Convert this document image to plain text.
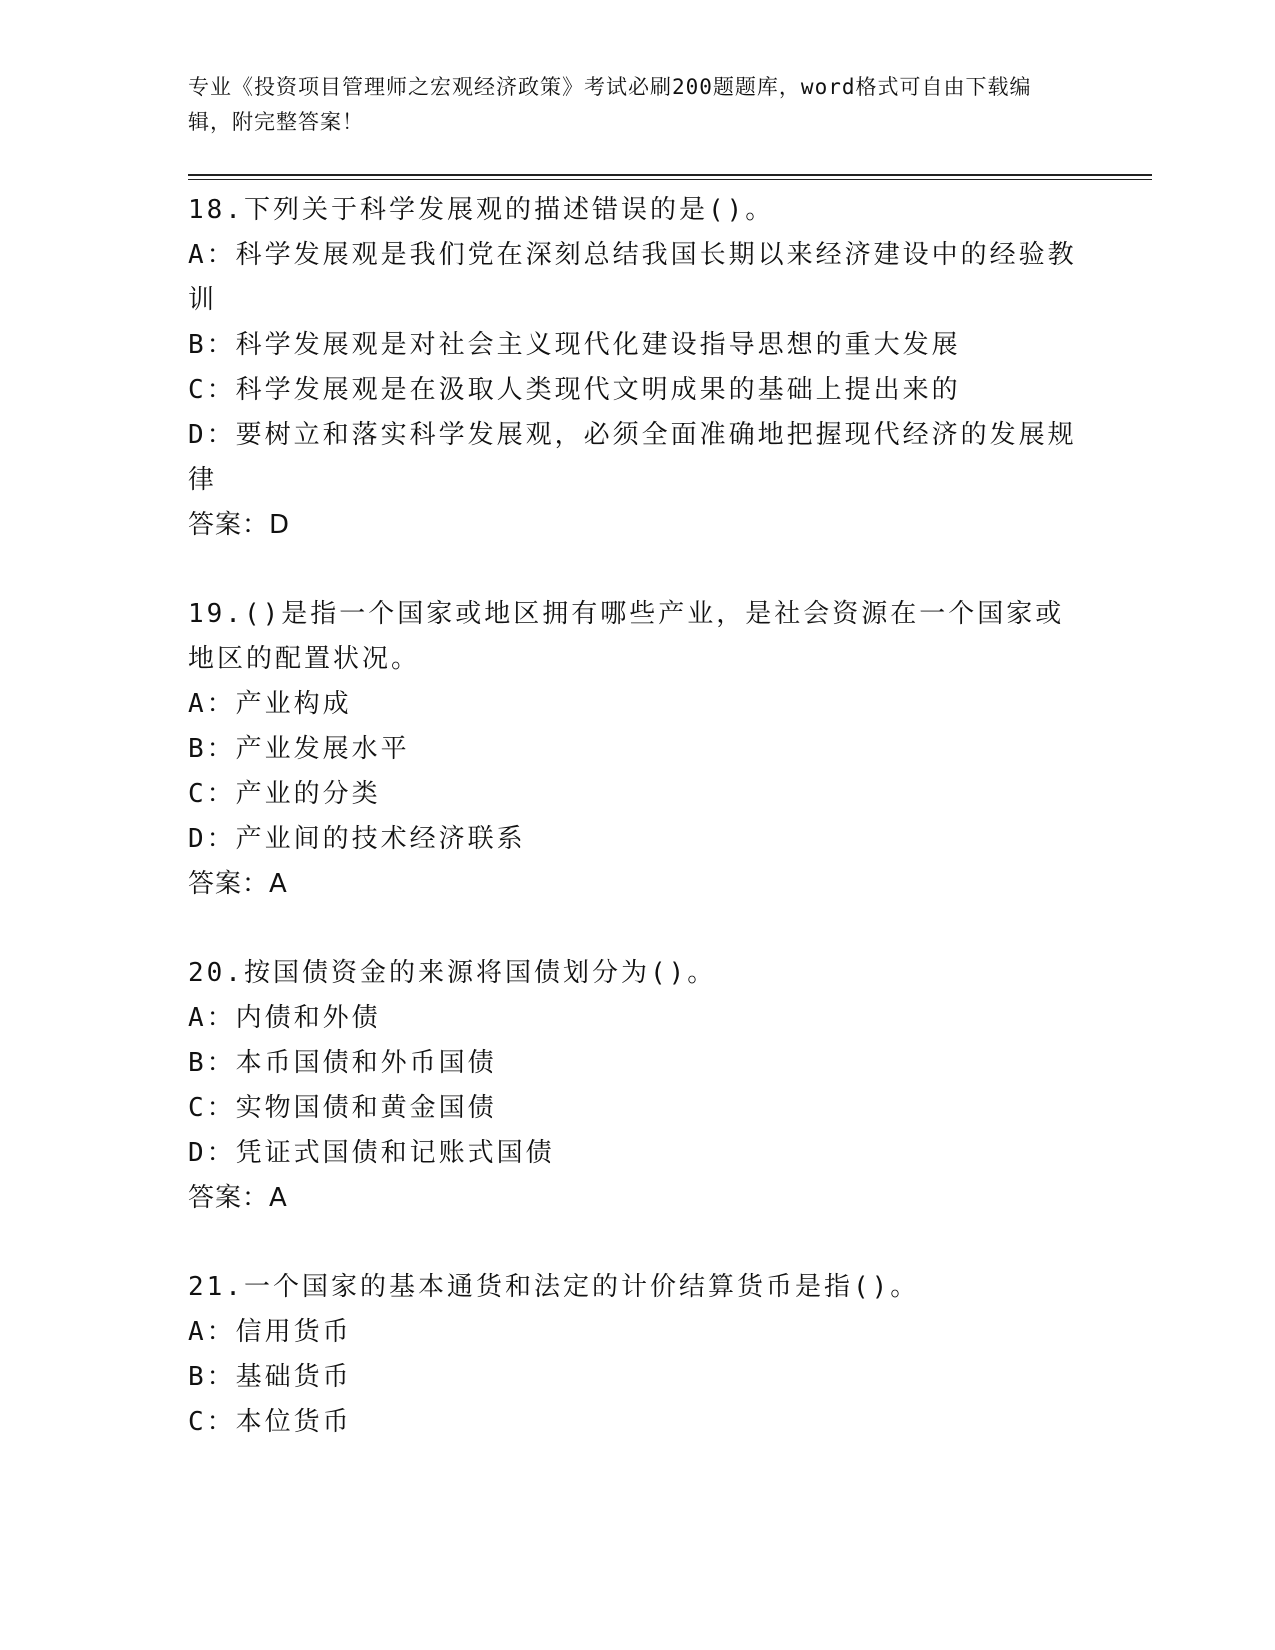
专业《投资项目管理师之宏观经济政策》考试必刷200题题库，word格式可自由下载编辑，附完整答案！
18.下列关于科学发展观的描述错误的是()。
A：科学发展观是我们党在深刻总结我国长期以来经济建设中的经验教训
B：科学发展观是对社会主义现代化建设指导思想的重大发展
C：科学发展观是在汲取人类现代文明成果的基础上提出来的
D：要树立和落实科学发展观，必须全面准确地把握现代经济的发展规律
答案：D
19.()是指一个国家或地区拥有哪些产业，是社会资源在一个国家或地区的配置状况。
A：产业构成
B：产业发展水平
C：产业的分类
D：产业间的技术经济联系
答案：A
20.按国债资金的来源将国债划分为()。
A：内债和外债
B：本币国债和外币国债
C：实物国债和黄金国债
D：凭证式国债和记账式国债
答案：A
21.一个国家的基本通货和法定的计价结算货币是指()。
A：信用货币
B：基础货币
C：本位货币
